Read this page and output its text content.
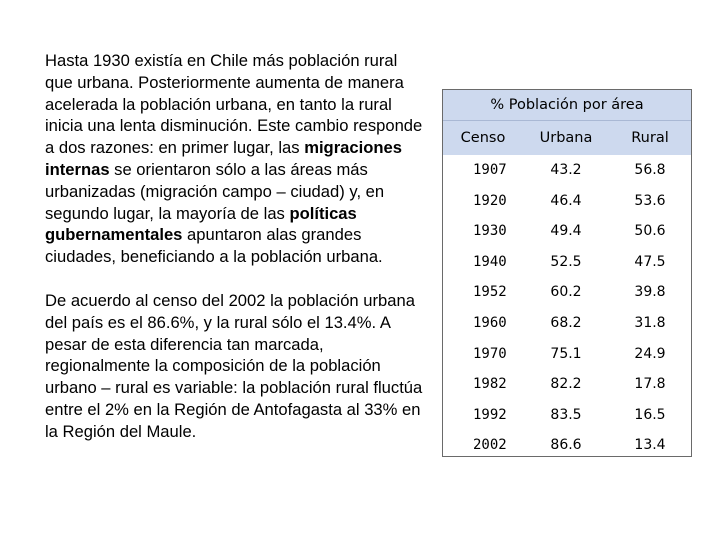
Hasta 1930 existía en Chile más población rural que urbana. Posteriormente aumenta de manera acelerada la población urbana, en tanto la rural inicia una lenta disminución. Este cambio responde a dos razones: en primer lugar, las migraciones internas se orientaron sólo a las áreas más urbanizadas (migración campo – ciudad) y, en segundo lugar, la mayoría de las políticas gubernamentales apuntaron alas grandes ciudades, beneficiando a la población urbana.

De acuerdo al censo del 2002 la población urbana del país es el 86.6%, y la rural sólo el 13.4%. A pesar de esta diferencia tan marcada, regionalmente la composición de la población urbano – rural es variable: la población rural fluctúa entre el 2% en la Región de Antofagasta al 33% en la Región del Maule.

% Población por área
Censo	Urbana	Rural
1907	43.2	56.8
1920	46.4	53.6
1930	49.4	50.6
1940	52.5	47.5
1952	60.2	39.8
1960	68.2	31.8
1970	75.1	24.9
1982	82.2	17.8
1992	83.5	16.5
2002	86.6	13.4
